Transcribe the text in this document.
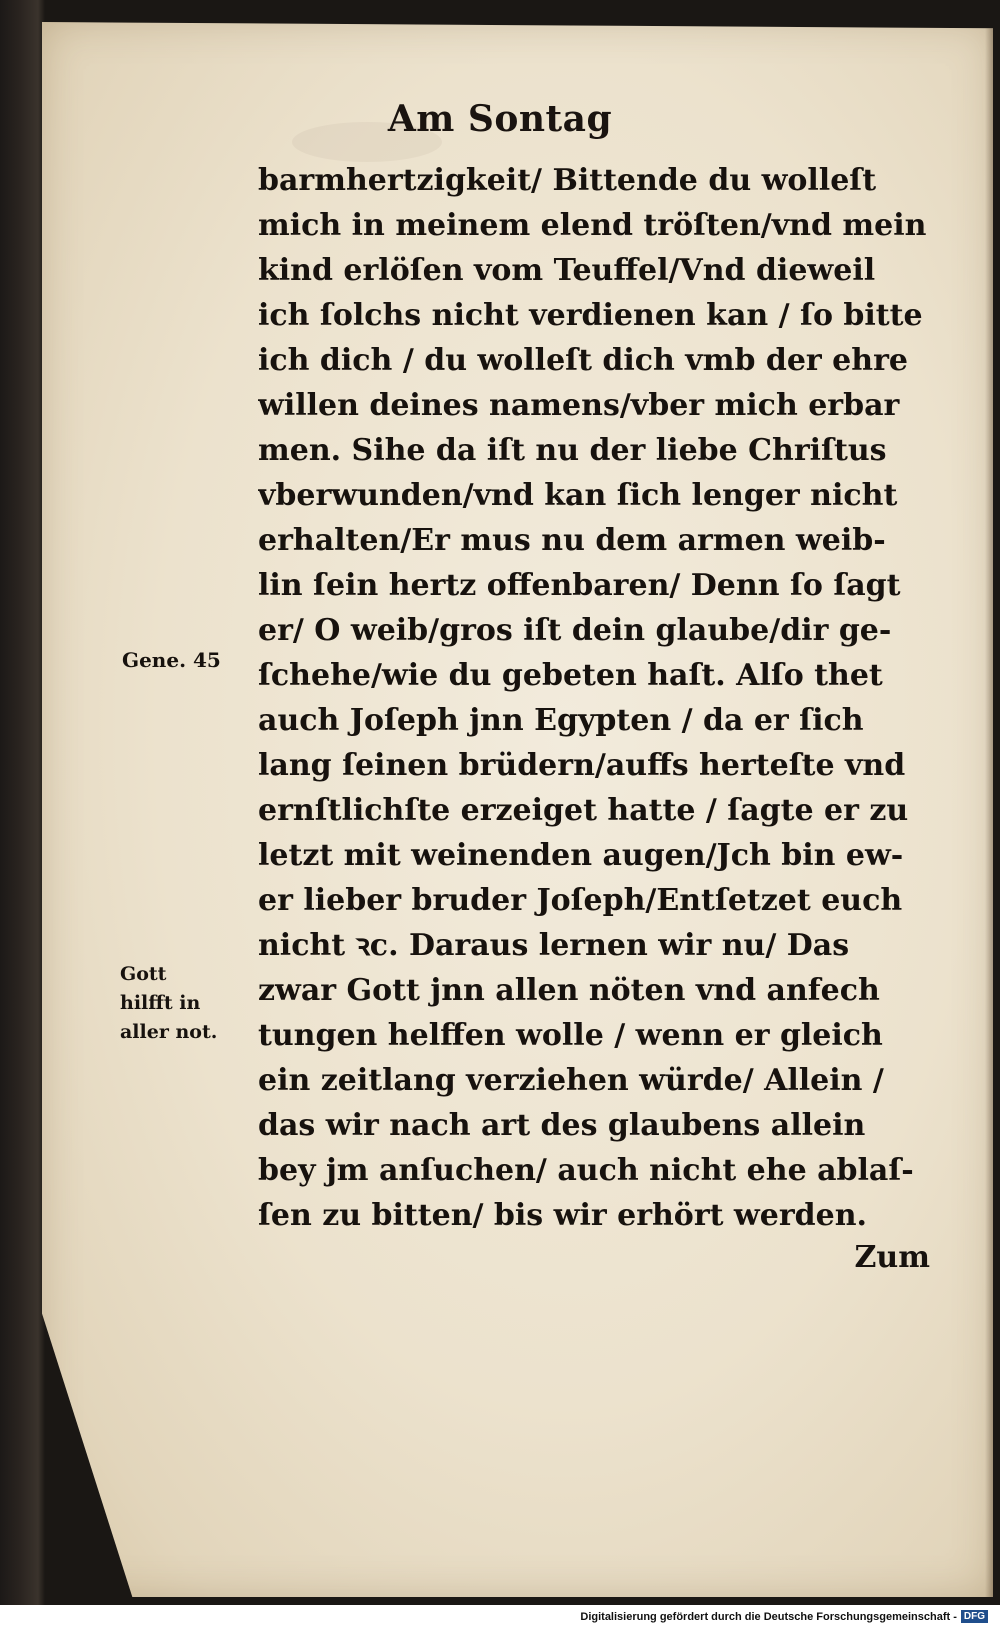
Am Sontag
barmhertzigkeit/ Bittende du wolleſt
mich in meinem elend tröſten/vnd mein
kind erlöſen vom Teuffel/Vnd dieweil
ich ſolchs nicht verdienen kan / ſo bitte
ich dich / du wolleſt dich vmb der ehre
willen deines namens/vber mich erbar
men. Sihe da iſt nu der liebe Chriſtus
vberwunden/vnd kan ſich lenger nicht
erhalten/Er mus nu dem armen weib-
lin ſein hertz offenbaren/ Denn ſo ſagt
er/ O weib/gros iſt dein glaube/dir ge-
ſchehe/wie du gebeten haſt. Alſo thet
auch Joſeph jnn Egypten / da er ſich
lang ſeinen brüdern/auffs herteſte vnd
ernſtlichſte erzeiget hatte / ſagte er zu
letzt mit weinenden augen/Jch bin ew-
er lieber bruder Joſeph/Entſetzet euch
nicht ꝛc. Daraus lernen wir nu/ Das
zwar Gott jnn allen nöten vnd anfech
tungen helffen wolle / wenn er gleich
ein zeitlang verziehen würde/ Allein /
das wir nach art des glaubens allein
bey jm anſuchen/ auch nicht ehe ablaſ-
ſen zu bitten/ bis wir erhört werden.
Gene. 45
Gott
hilfft in
aller not.
Zum
Digitalisierung gefördert durch die Deutsche Forschungsgemeinschaft - DFG
